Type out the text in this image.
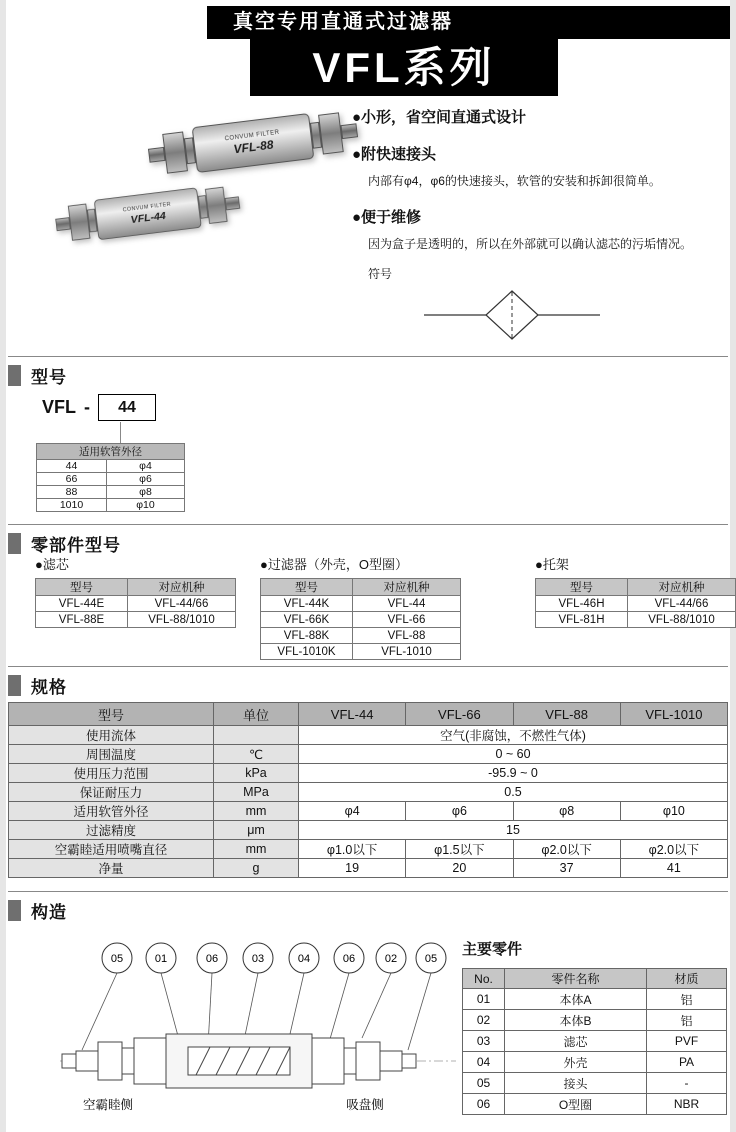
真空专用直通式过滤器
VFL系列
CONVUM FILTER
VFL-88
CONVUM FILTER
VFL-44
●小形，省空间直通式设计
●附快速接头
内部有φ4，φ6的快速接头，软管的安装和拆卸很简单。
●便于维修
因为盒子是透明的，所以在外部就可以确认滤芯的污垢情况。
符号
型号
VFL -	44
适用软管外径	
44	φ4
66	φ6
88	φ8
1010	φ10
零部件型号
●滤芯
型号	对应机种
VFL-44E	VFL-44/66
VFL-88E	VFL-88/1010
●过滤器（外壳，O型圈）
型号	对应机种
VFL-44K	VFL-44
VFL-66K	VFL-66
VFL-88K	VFL-88
VFL-1010K	VFL-1010
●托架
型号	对应机种
VFL-46H	VFL-44/66
VFL-81H	VFL-88/1010
规格
型号	单位	VFL-44	VFL-66	VFL-88	VFL-1010
使用流体		空气(非腐蚀，不燃性气体)			
周围温度	℃	0 ~ 60			
使用压力范围	kPa	-95.9 ~ 0			
保证耐压力	MPa	0.5			
适用软管外径	mm	φ4	φ6	φ8	φ10
过滤精度	μm	15			
空霸睦适用喷嘴直径	mm	φ1.0以下	φ1.5以下	φ2.0以下	φ2.0以下
净量	g	19	20	37	41
构造
05	01	06	03	04	06	02	05
空霸睦侧	吸盘侧
主要零件
No.	零件名称	材质
01	本体A	铝
02	本体B	铝
03	滤芯	PVF
04	外壳	PA
05	接头	-
06	O型圈	NBR
